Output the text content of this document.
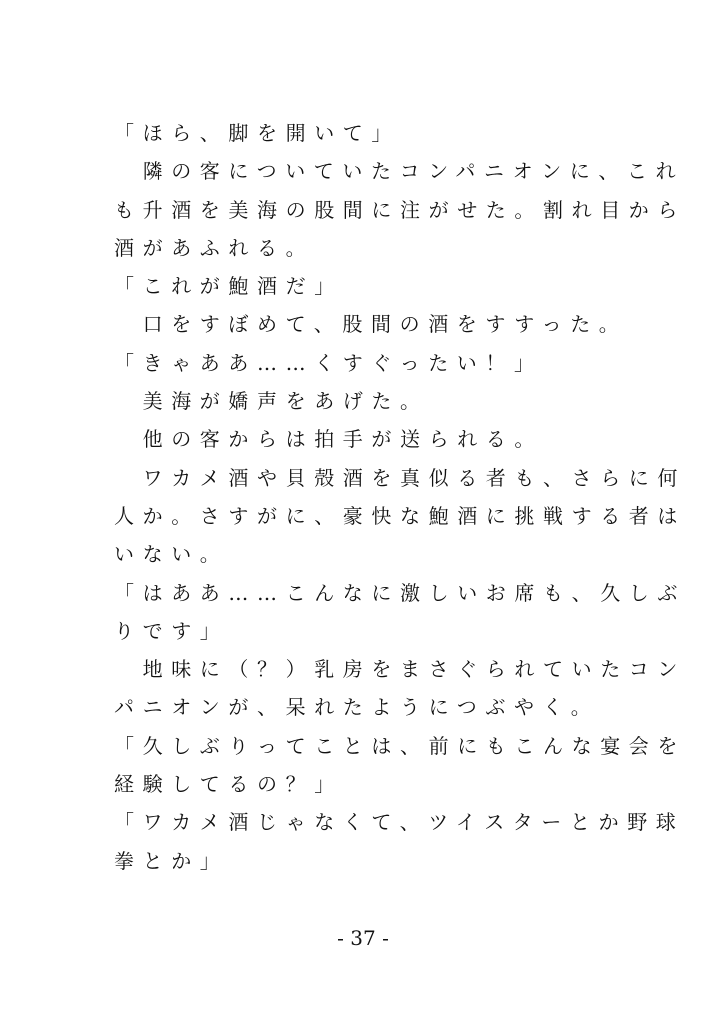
「ほら、脚を開いて」
　隣の客についていたコンパニオンに、これ
も升酒を美海の股間に注がせた。割れ目から
酒があふれる。
「これが鮑酒だ」
　口をすぼめて、股間の酒をすすった。
「きゃああ……くすぐったい！」
　美海が嬌声をあげた。
　他の客からは拍手が送られる。
　ワカメ酒や貝殻酒を真似る者も、さらに何
人か。さすがに、豪快な鮑酒に挑戦する者は
いない。
「はああ……こんなに激しいお席も、久しぶ
りです」
　地味に（？）乳房をまさぐられていたコン
パニオンが、呆れたようにつぶやく。
「久しぶりってことは、前にもこんな宴会を
経験してるの？」
「ワカメ酒じゃなくて、ツイスターとか野球
拳とか」
- 37 -
